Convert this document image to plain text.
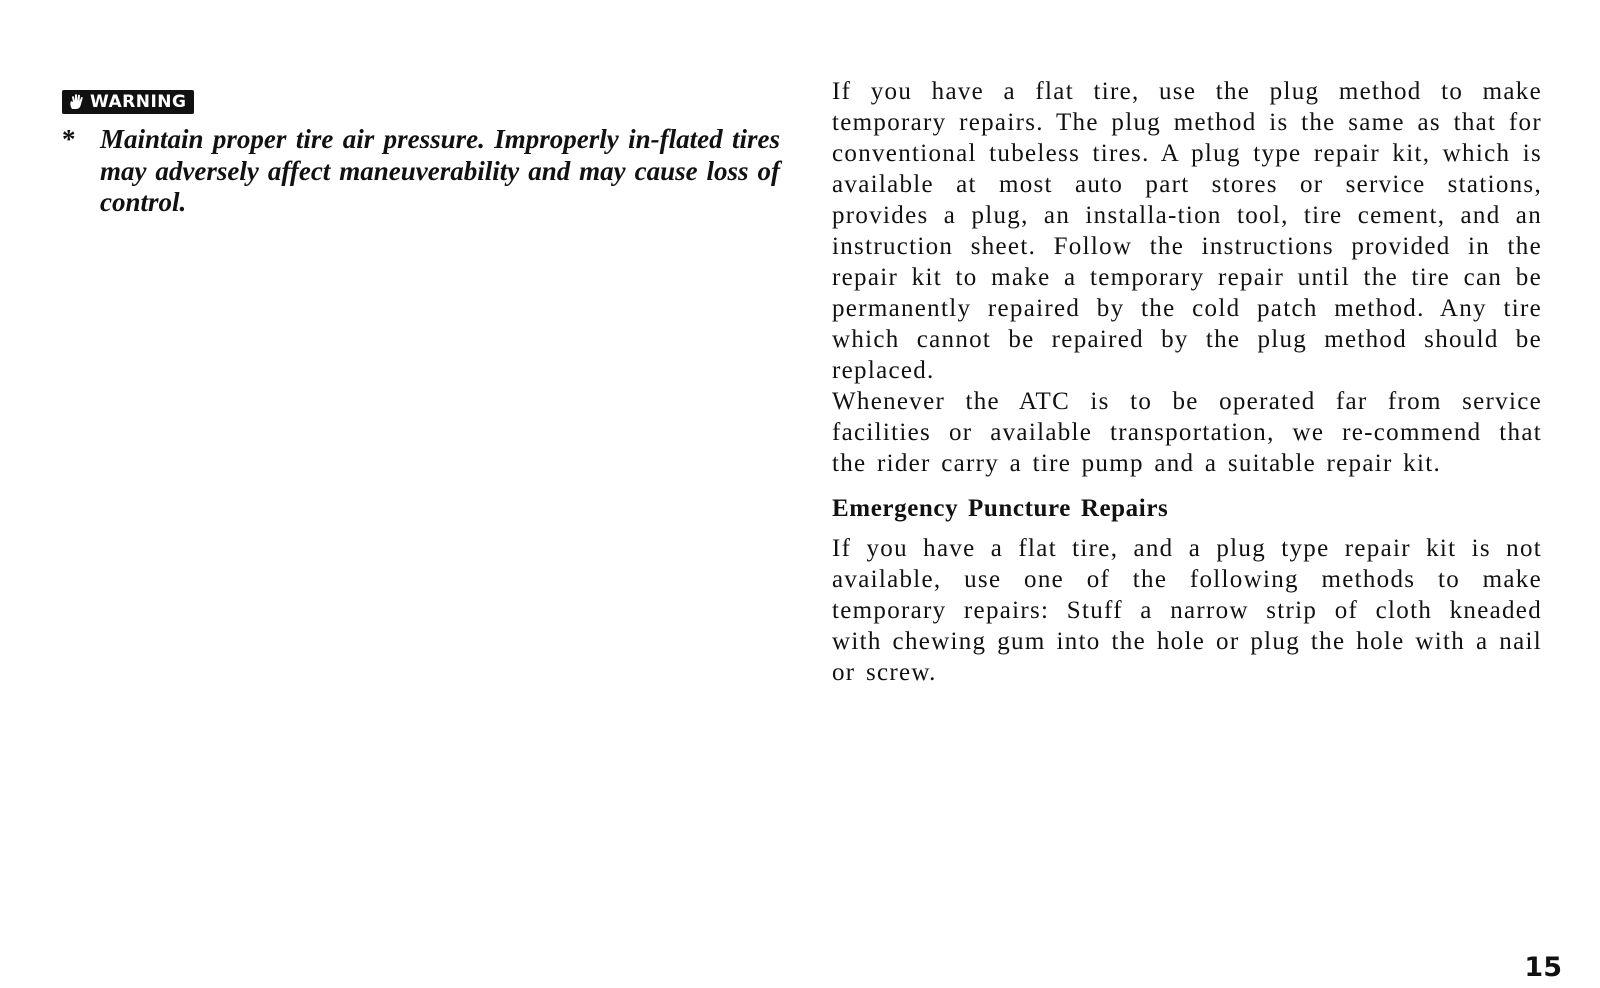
WARNING
* Maintain proper tire air pressure. Improperly in-flated tires may adversely affect maneuverability and may cause loss of control.

If you have a flat tire, use the plug method to make temporary repairs. The plug method is the same as that for conventional tubeless tires. A plug type repair kit, which is available at most auto part stores or service stations, provides a plug, an installa-tion tool, tire cement, and an instruction sheet. Follow the instructions provided in the repair kit to make a temporary repair until the tire can be permanently repaired by the cold patch method. Any tire which cannot be repaired by the plug method should be replaced.

Whenever the ATC is to be operated far from service facilities or available transportation, we re-commend that the rider carry a tire pump and a suitable repair kit.

Emergency Puncture Repairs

If you have a flat tire, and a plug type repair kit is not available, use one of the following methods to make temporary repairs: Stuff a narrow strip of cloth kneaded with chewing gum into the hole or plug the hole with a nail or screw.

15
